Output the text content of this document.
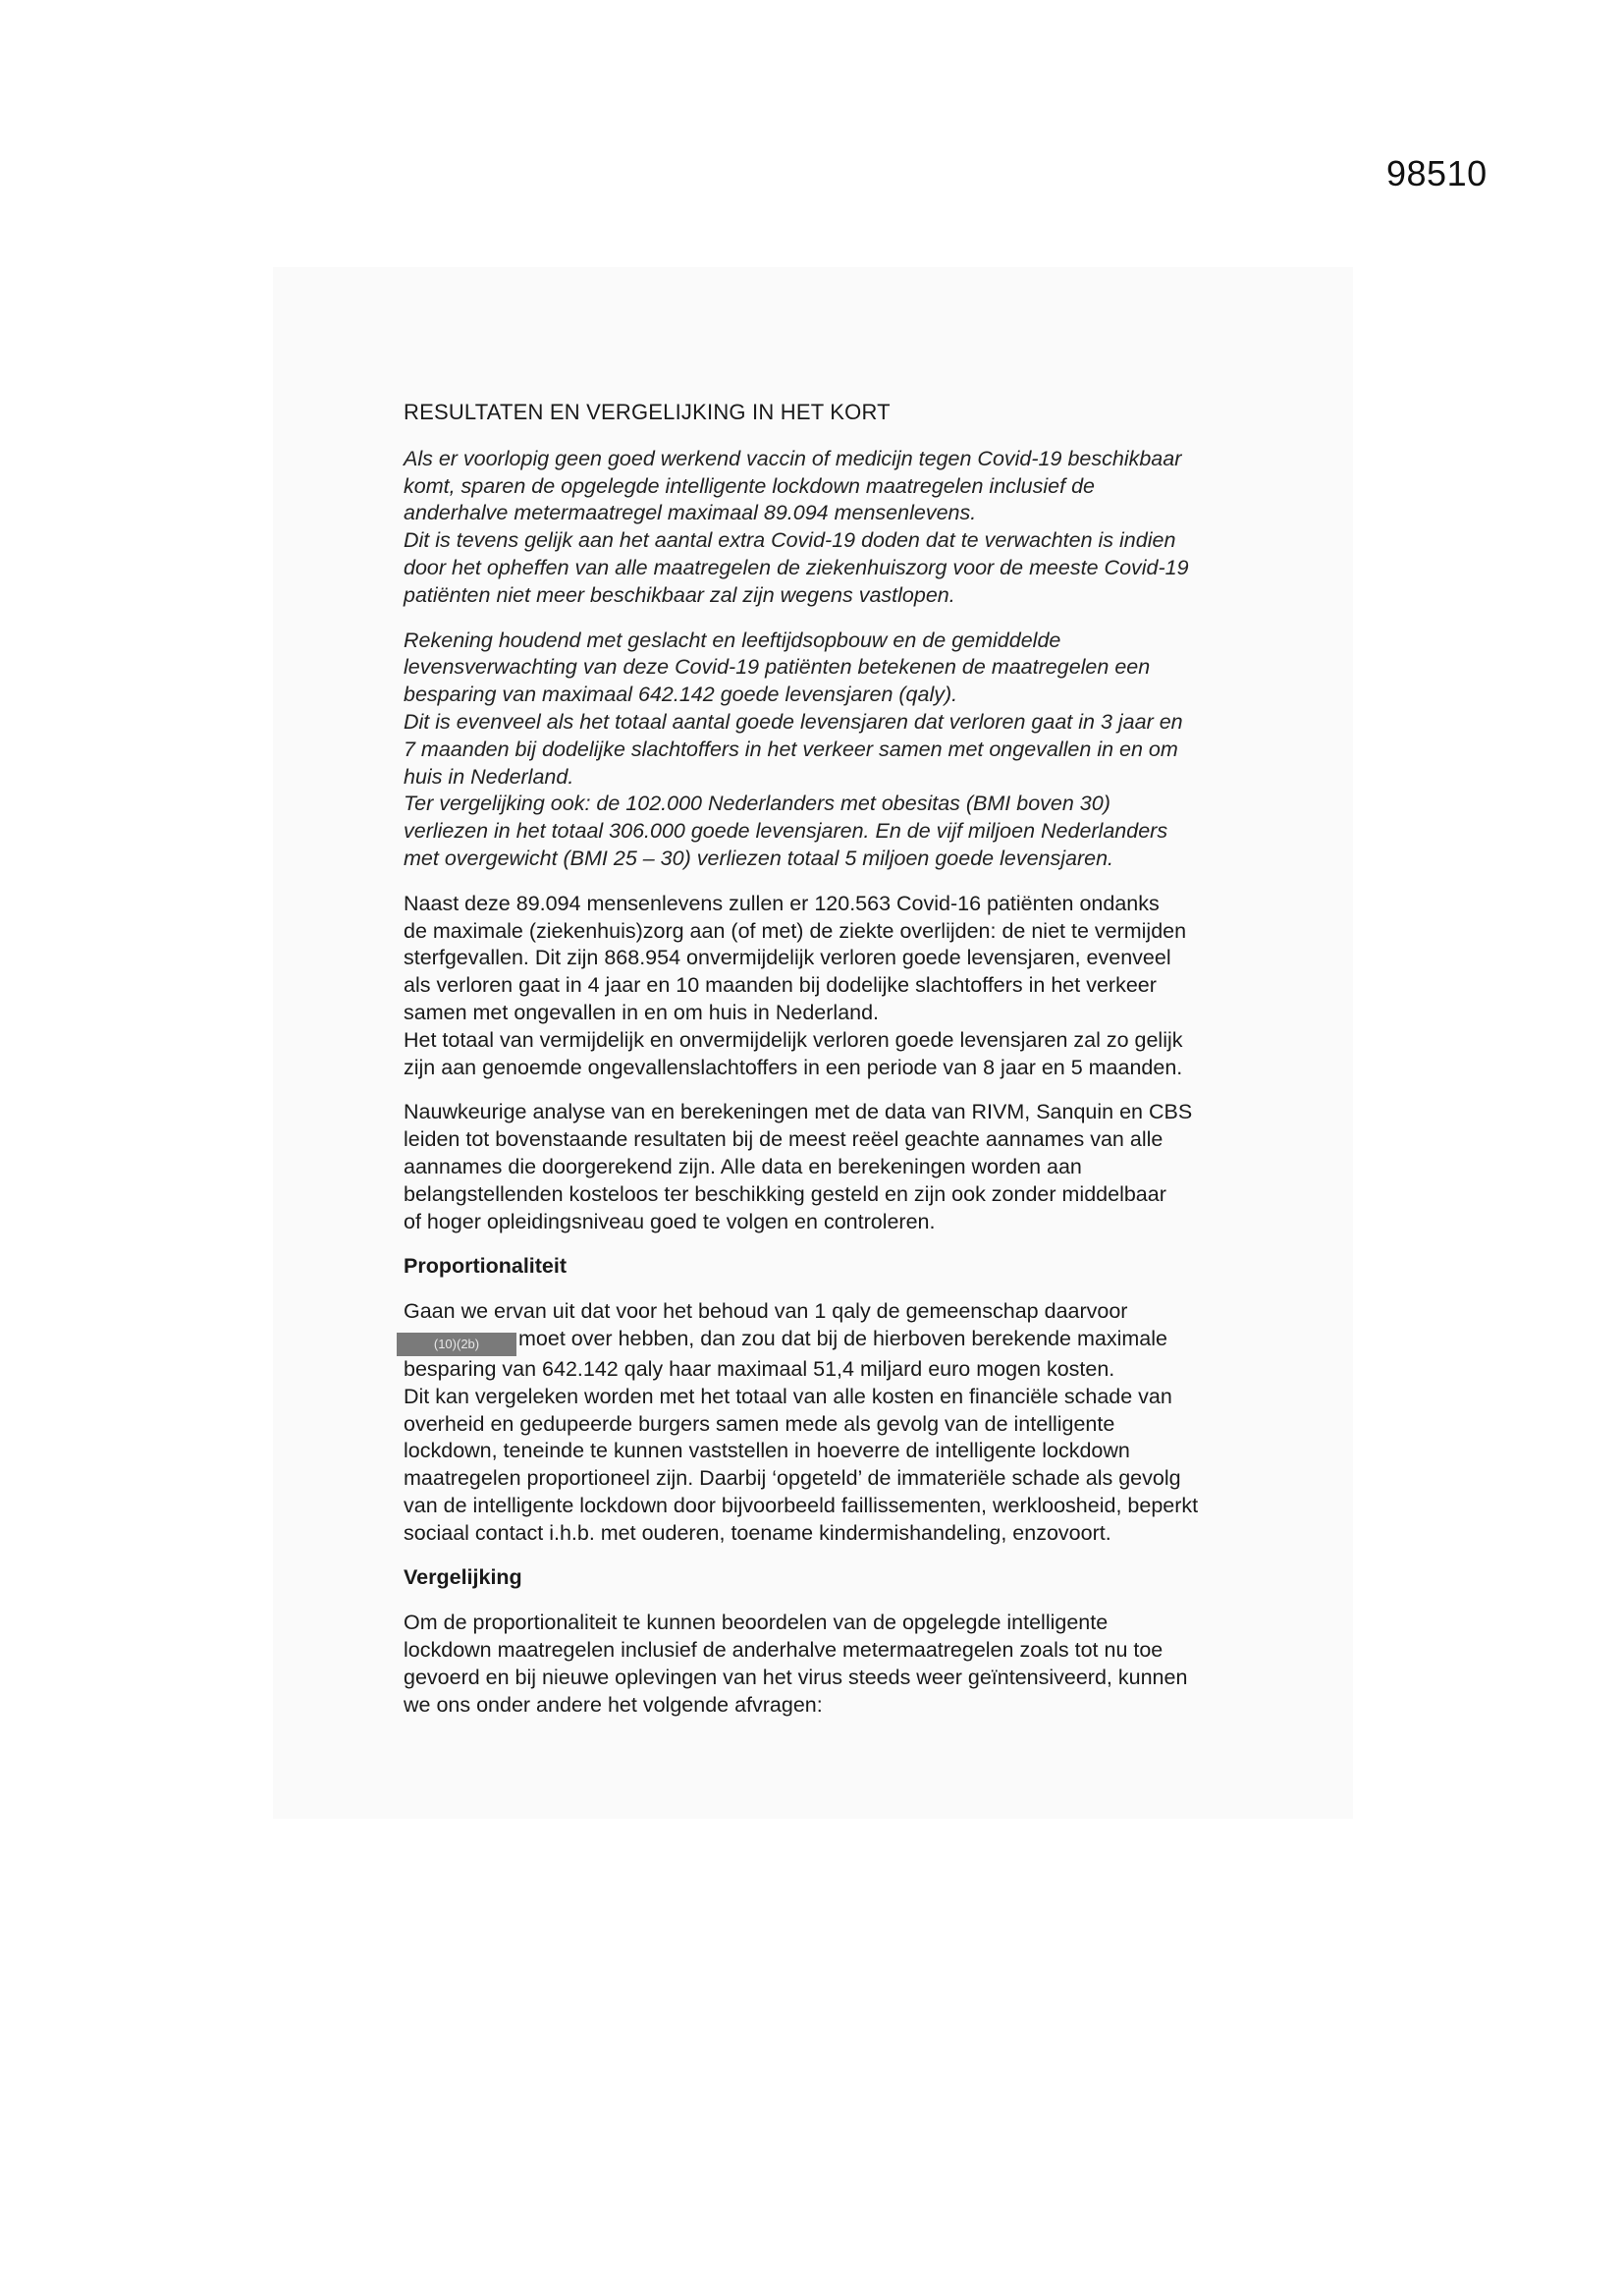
98510
RESULTATEN EN VERGELIJKING IN HET KORT
Als er voorlopig geen goed werkend vaccin of medicijn tegen Covid-19 beschikbaar
komt, sparen de opgelegde intelligente lockdown maatregelen inclusief de
anderhalve metermaatregel maximaal 89.094 mensenlevens.
Dit is tevens gelijk aan het aantal extra Covid-19 doden dat te verwachten is indien
door het opheffen van alle maatregelen de ziekenhuiszorg voor de meeste Covid-19
patiënten niet meer beschikbaar zal zijn wegens vastlopen.
Rekening houdend met geslacht en leeftijdsopbouw en de gemiddelde
levensverwachting van deze Covid-19 patiënten betekenen de maatregelen een
besparing van maximaal 642.142 goede levensjaren (qaly).
Dit is evenveel als het totaal aantal goede levensjaren dat verloren gaat in 3 jaar en
7 maanden bij dodelijke slachtoffers in het verkeer samen met ongevallen in en om
huis in Nederland.
Ter vergelijking ook: de 102.000 Nederlanders met obesitas (BMI boven 30)
verliezen in het totaal 306.000 goede levensjaren. En de vijf miljoen Nederlanders
met overgewicht (BMI 25 – 30) verliezen totaal 5 miljoen goede levensjaren.
Naast deze 89.094 mensenlevens zullen er 120.563 Covid-16 patiënten ondanks
de maximale (ziekenhuis)zorg aan (of met) de ziekte overlijden: de niet te vermijden
sterfgevallen. Dit zijn 868.954 onvermijdelijk verloren goede levensjaren, evenveel
als verloren gaat in 4 jaar en 10 maanden bij dodelijke slachtoffers in het verkeer
samen met ongevallen in en om huis in Nederland.
Het totaal van vermijdelijk en onvermijdelijk verloren goede levensjaren zal zo gelijk
zijn aan genoemde ongevallenslachtoffers in een periode van 8 jaar en 5 maanden.
Nauwkeurige analyse van en berekeningen met de data van RIVM, Sanquin en CBS
leiden tot bovenstaande resultaten bij de meest reëel geachte aannames van alle
aannames die doorgerekend zijn. Alle data en berekeningen worden aan
belangstellenden kosteloos ter beschikking gesteld en zijn ook zonder middelbaar
of hoger opleidingsniveau goed te volgen en controleren.
Proportionaliteit
Gaan we ervan uit dat voor het behoud van 1 qaly de gemeenschap daarvoor
(10)(2b) moet over hebben, dan zou dat bij de hierboven berekende maximale
besparing van 642.142 qaly haar maximaal 51,4 miljard euro mogen kosten.
Dit kan vergeleken worden met het totaal van alle kosten en financiële schade van
overheid en gedupeerde burgers samen mede als gevolg van de intelligente
lockdown, teneinde te kunnen vaststellen in hoeverre de intelligente lockdown
maatregelen proportioneel zijn. Daarbij ‘opgeteld’ de immateriële schade als gevolg
van de intelligente lockdown door bijvoorbeeld faillissementen, werkloosheid, beperkt
sociaal contact i.h.b. met ouderen, toename kindermishandeling, enzovoort.
Vergelijking
Om de proportionaliteit te kunnen beoordelen van de opgelegde intelligente
lockdown maatregelen inclusief de anderhalve metermaatregelen zoals tot nu toe
gevoerd en bij nieuwe oplevingen van het virus steeds weer geïntensiveerd, kunnen
we ons onder andere het volgende afvragen:
